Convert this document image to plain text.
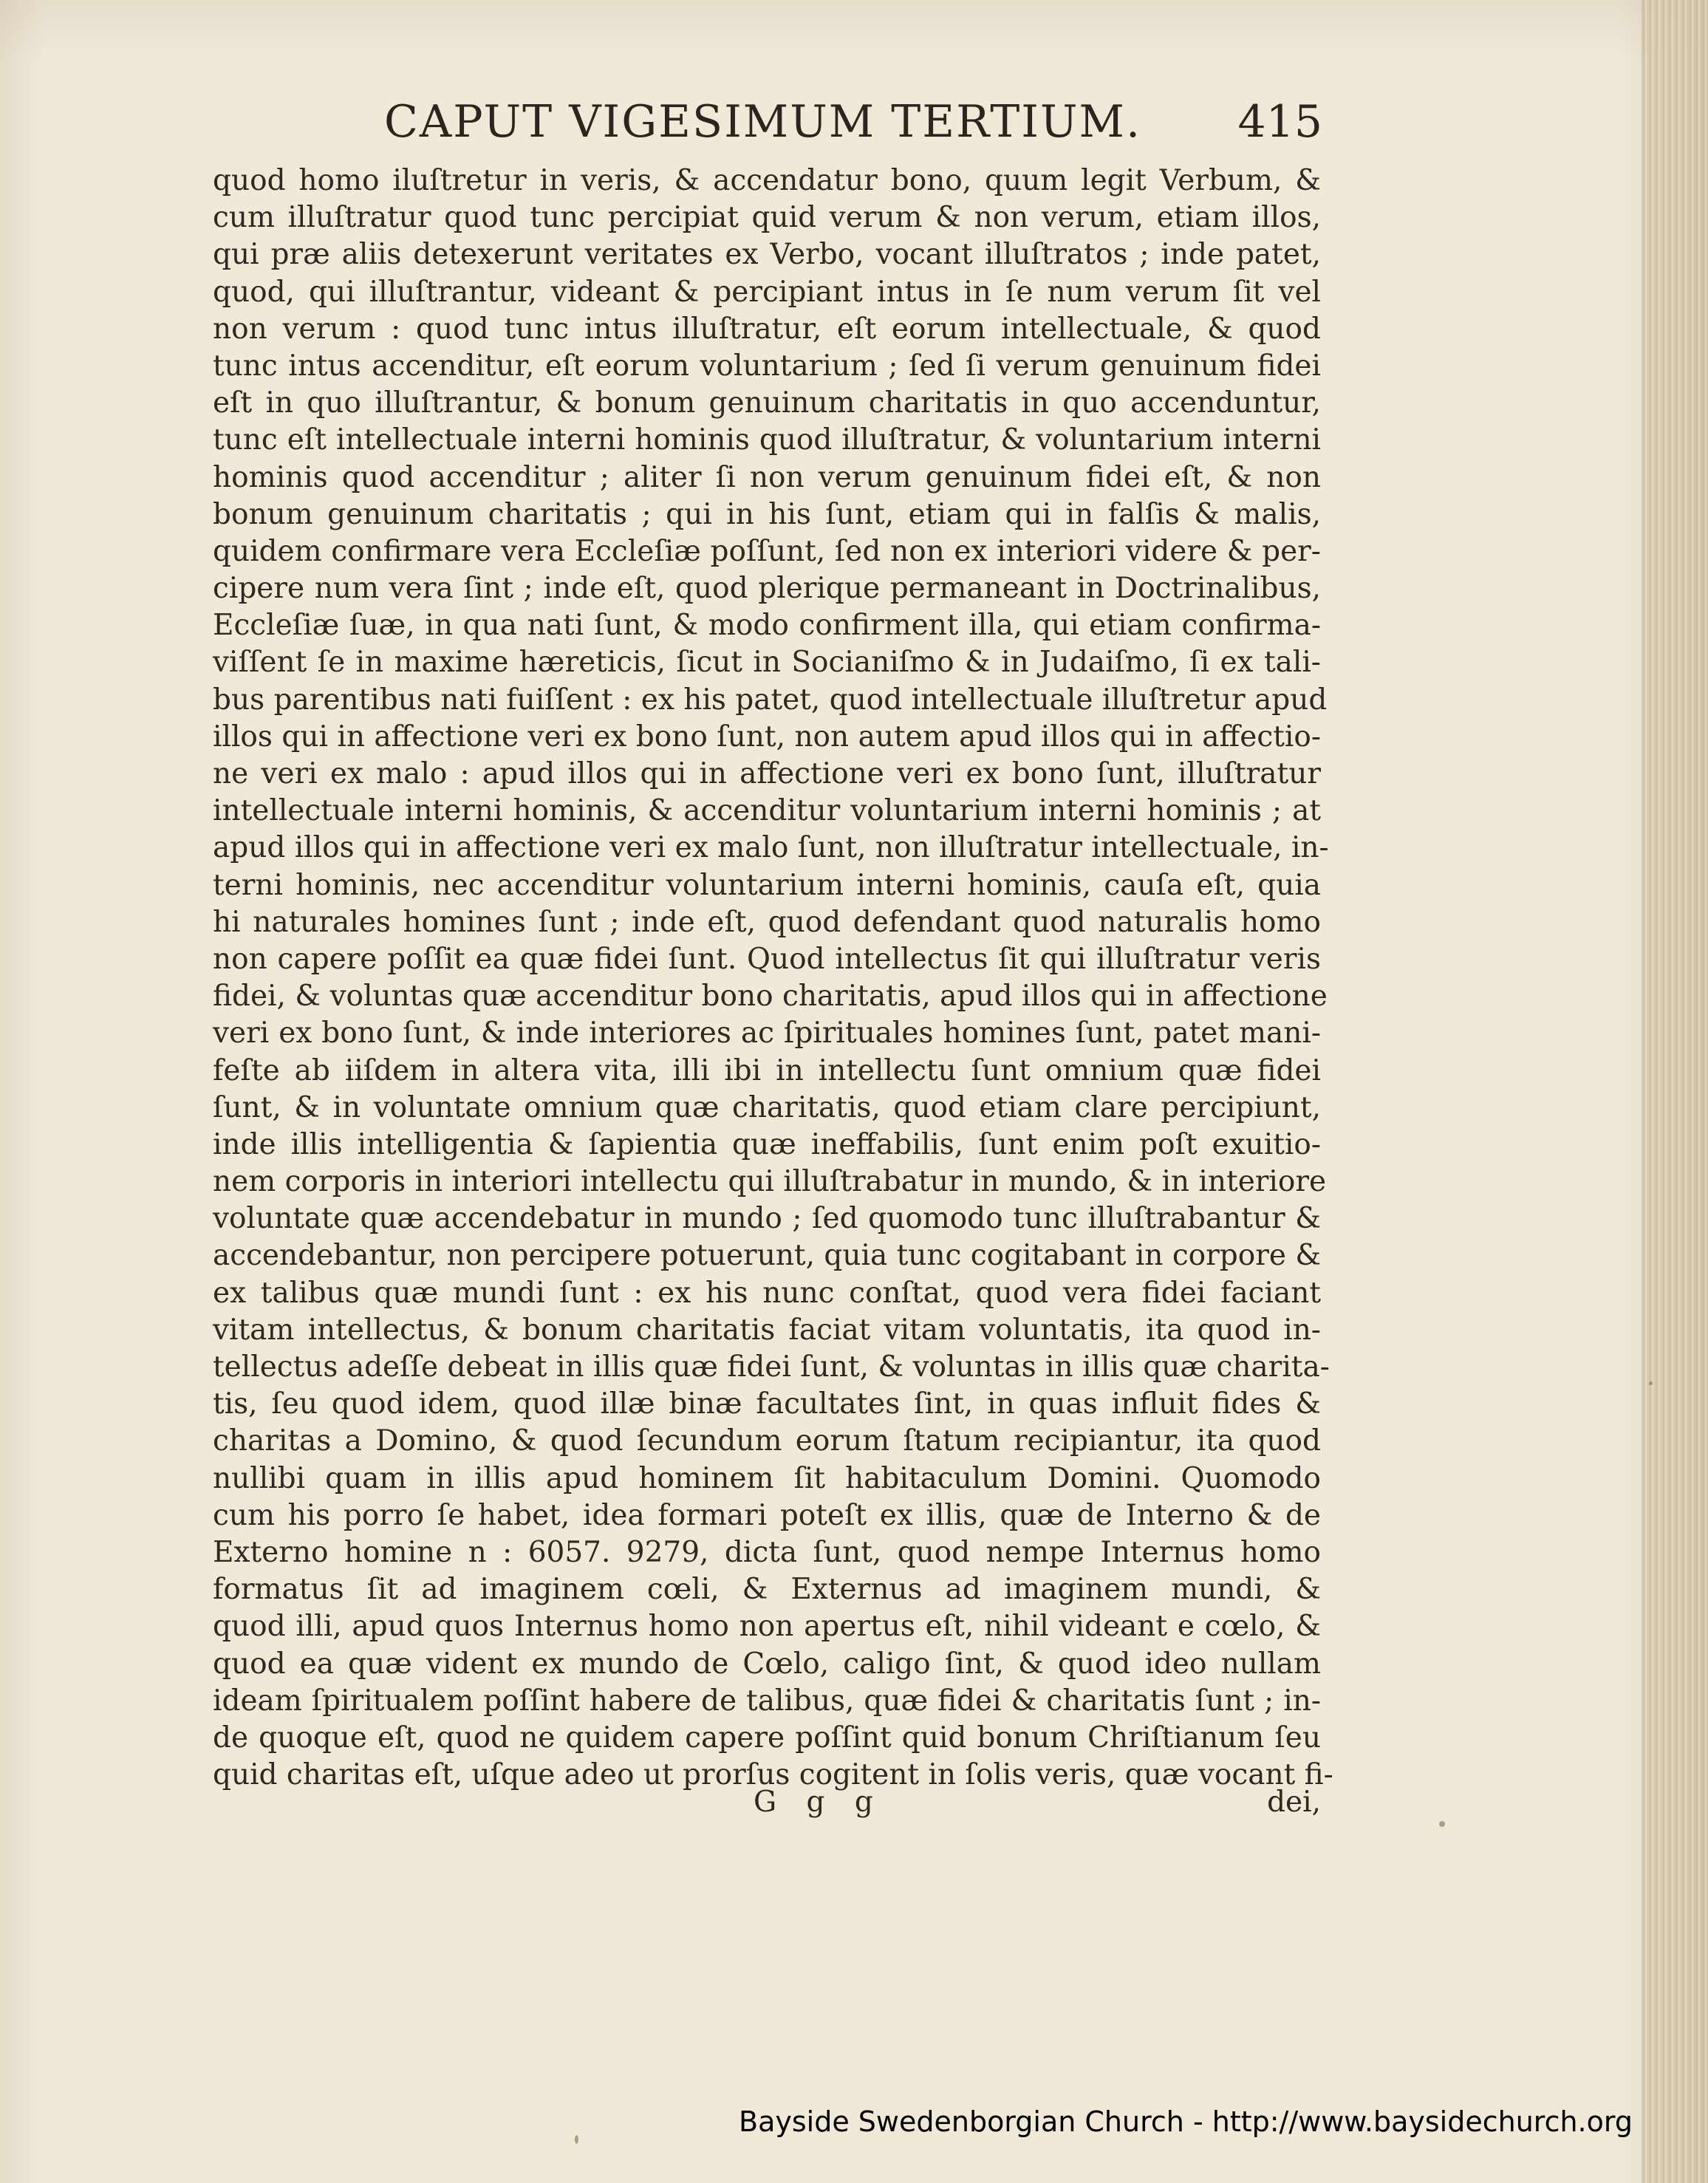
CAPUT VIGESIMUM TERTIUM. 415
quod homo iluſtretur in veris, & accendatur bono, quum legit Verbum, &
cum illuſtratur quod tunc percipiat quid verum & non verum, etiam illos,
qui præ aliis detexerunt veritates ex Verbo, vocant illuſtratos ; inde patet,
quod, qui illuſtrantur, videant & percipiant intus in ſe num verum ſit vel
non verum : quod tunc intus illuſtratur, eſt eorum intellectuale, & quod
tunc intus accenditur, eſt eorum voluntarium ; ſed ſi verum genuinum fidei
eſt in quo illuſtrantur, & bonum genuinum charitatis in quo accenduntur,
tunc eſt intellectuale interni hominis quod illuſtratur, & voluntarium interni
hominis quod accenditur ; aliter ſi non verum genuinum fidei eſt, & non
bonum genuinum charitatis ; qui in his ſunt, etiam qui in falſis & malis,
quidem confirmare vera Eccleſiæ poſſunt, ſed non ex interiori videre & per-
cipere num vera ſint ; inde eſt, quod plerique permaneant in Doctrinalibus,
Eccleſiæ ſuæ, in qua nati ſunt, & modo confirment illa, qui etiam confirma-
viſſent ſe in maxime hæreticis, ſicut in Socianiſmo & in Judaiſmo, ſi ex tali-
bus parentibus nati fuiſſent : ex his patet, quod intellectuale illuſtretur apud
illos qui in affectione veri ex bono ſunt, non autem apud illos qui in affectio-
ne veri ex malo : apud illos qui in affectione veri ex bono ſunt, illuſtratur
intellectuale interni hominis, & accenditur voluntarium interni hominis ; at
apud illos qui in affectione veri ex malo ſunt, non illuſtratur intellectuale, in-
terni hominis, nec accenditur voluntarium interni hominis, cauſa eſt, quia
hi naturales homines ſunt ; inde eſt, quod defendant quod naturalis homo
non capere poſſit ea quæ fidei ſunt. Quod intellectus ſit qui illuſtratur veris
fidei, & voluntas quæ accenditur bono charitatis, apud illos qui in affectione
veri ex bono ſunt, & inde interiores ac ſpirituales homines ſunt, patet mani-
feſte ab iiſdem in altera vita, illi ibi in intellectu ſunt omnium quæ fidei
ſunt, & in voluntate omnium quæ charitatis, quod etiam clare percipiunt,
inde illis intelligentia & ſapientia quæ ineffabilis, ſunt enim poſt exuitio-
nem corporis in interiori intellectu qui illuſtrabatur in mundo, & in interiore
voluntate quæ accendebatur in mundo ; ſed quomodo tunc illuſtrabantur &
accendebantur, non percipere potuerunt, quia tunc cogitabant in corpore &
ex talibus quæ mundi ſunt : ex his nunc conſtat, quod vera fidei faciant
vitam intellectus, & bonum charitatis faciat vitam voluntatis, ita quod in-
tellectus adeſſe debeat in illis quæ fidei ſunt, & voluntas in illis quæ charita-
tis, ſeu quod idem, quod illæ binæ facultates ſint, in quas influit fides &
charitas a Domino, & quod ſecundum eorum ſtatum recipiantur, ita quod
nullibi quam in illis apud hominem ſit habitaculum Domini. Quomodo
cum his porro ſe habet, idea formari poteſt ex illis, quæ de Interno & de
Externo homine n : 6057. 9279, dicta ſunt, quod nempe Internus homo
formatus ſit ad imaginem cœli, & Externus ad imaginem mundi, &
quod illi, apud quos Internus homo non apertus eſt, nihil videant e cœlo, &
quod ea quæ vident ex mundo de Cœlo, caligo ſint, & quod ideo nullam
ideam ſpiritualem poſſint habere de talibus, quæ fidei & charitatis ſunt ; in-
de quoque eſt, quod ne quidem capere poſſint quid bonum Chriſtianum ſeu
quid charitas eſt, uſque adeo ut prorſus cogitent in ſolis veris, quæ vocant fi-
G g g	dei,
Bayside Swedenborgian Church - http://www.baysidechurch.org
